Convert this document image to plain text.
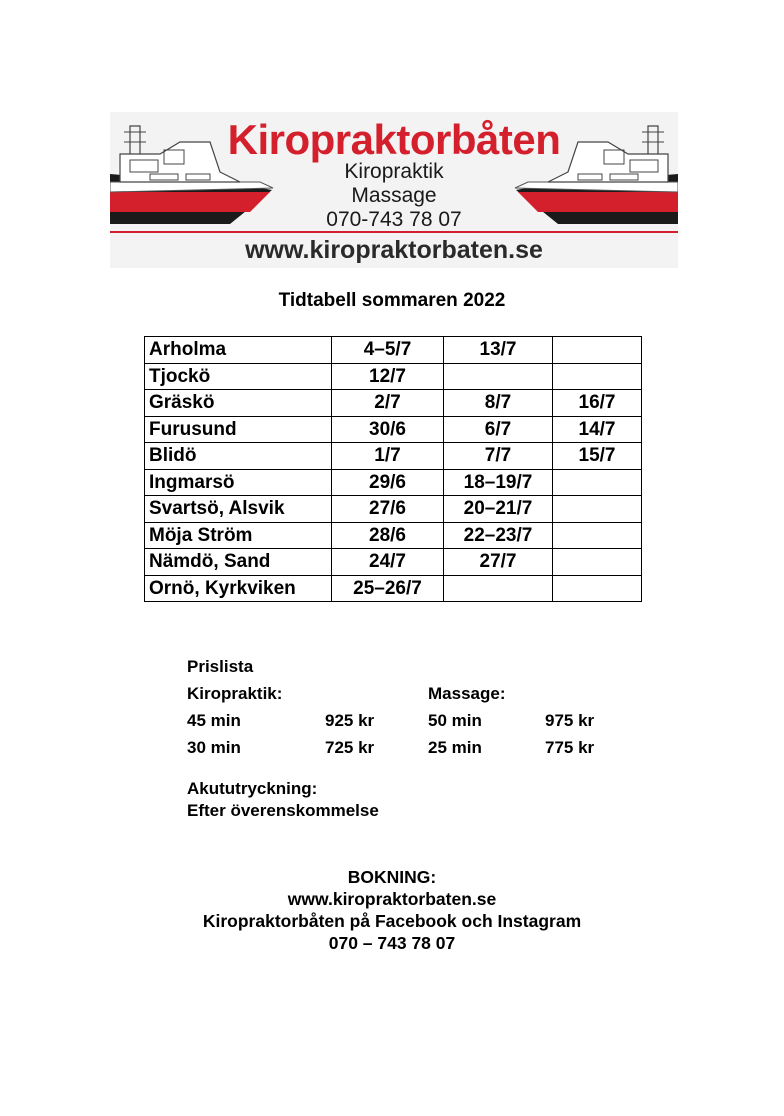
Kiropraktorbåten
Kiropraktik
Massage
070-743 78 07
www.kiropraktorbaten.se
Tidtabell sommaren 2022
Arholma	4–5/7	13/7	
Tjockö	12/7		
Gräskö	2/7	8/7	16/7
Furusund	30/6	6/7	14/7
Blidö	1/7	7/7	15/7
Ingmarsö	29/6	18–19/7	
Svartsö, Alsvik	27/6	20–21/7	
Möja Ström	28/6	22–23/7	
Nämdö, Sand	24/7	27/7	
Ornö, Kyrkviken	25–26/7		
Prislista
Kiropraktik:	Massage:
45 min	925 kr	50 min	975 kr
30 min	725 kr	25 min	775 kr
Akututryckning:
Efter överenskommelse
BOKNING:
www.kiropraktorbaten.se
Kiropraktorbåten på Facebook och Instagram
070 – 743 78 07
